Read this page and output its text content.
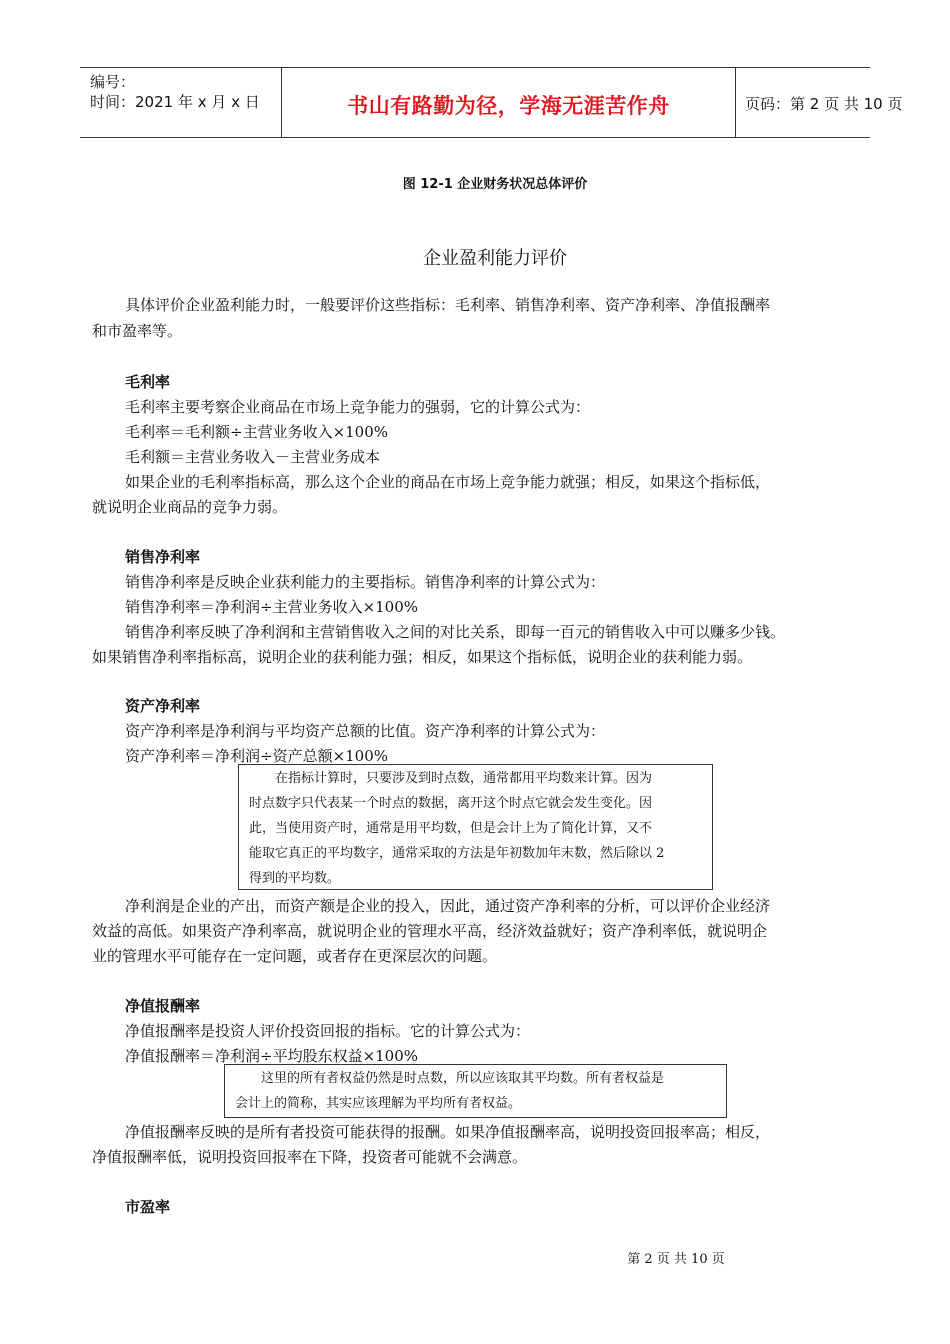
编号：
时间：2021 年 x 月 x 日	书山有路勤为径，学海无涯苦作舟	页码：第 2 页 共 10 页
图 12-1 企业财务状况总体评价
企业盈利能力评价
具体评价企业盈利能力时，一般要评价这些指标：毛利率、销售净利率、资产净利率、净值报酬率
和市盈率等。
毛利率
毛利率主要考察企业商品在市场上竞争能力的强弱，它的计算公式为：
毛利率＝毛利额÷主营业务收入×100%
毛利额＝主营业务收入－主营业务成本
如果企业的毛利率指标高，那么这个企业的商品在市场上竞争能力就强；相反，如果这个指标低，
就说明企业商品的竞争力弱。
销售净利率
销售净利率是反映企业获利能力的主要指标。销售净利率的计算公式为：
销售净利率＝净利润÷主营业务收入×100%
销售净利率反映了净利润和主营销售收入之间的对比关系，即每一百元的销售收入中可以赚多少钱。
如果销售净利率指标高，说明企业的获利能力强；相反，如果这个指标低，说明企业的获利能力弱。
资产净利率
资产净利率是净利润与平均资产总额的比值。资产净利率的计算公式为：
资产净利率＝净利润÷资产总额×100%
在指标计算时，只要涉及到时点数，通常都用平均数来计算。因为
时点数字只代表某一个时点的数据，离开这个时点它就会发生变化。因
此，当使用资产时，通常是用平均数，但是会计上为了简化计算，又不
能取它真正的平均数字，通常采取的方法是年初数加年末数，然后除以 2
得到的平均数。
净利润是企业的产出，而资产额是企业的投入，因此，通过资产净利率的分析，可以评价企业经济
效益的高低。如果资产净利率高，就说明企业的管理水平高，经济效益就好；资产净利率低，就说明企
业的管理水平可能存在一定问题，或者存在更深层次的问题。
净值报酬率
净值报酬率是投资人评价投资回报的指标。它的计算公式为：
净值报酬率＝净利润÷平均股东权益×100%
这里的所有者权益仍然是时点数，所以应该取其平均数。所有者权益是
会计上的简称，其实应该理解为平均所有者权益。
净值报酬率反映的是所有者投资可能获得的报酬。如果净值报酬率高，说明投资回报率高；相反，
净值报酬率低，说明投资回报率在下降，投资者可能就不会满意。
市盈率
第 2 页 共 10 页
